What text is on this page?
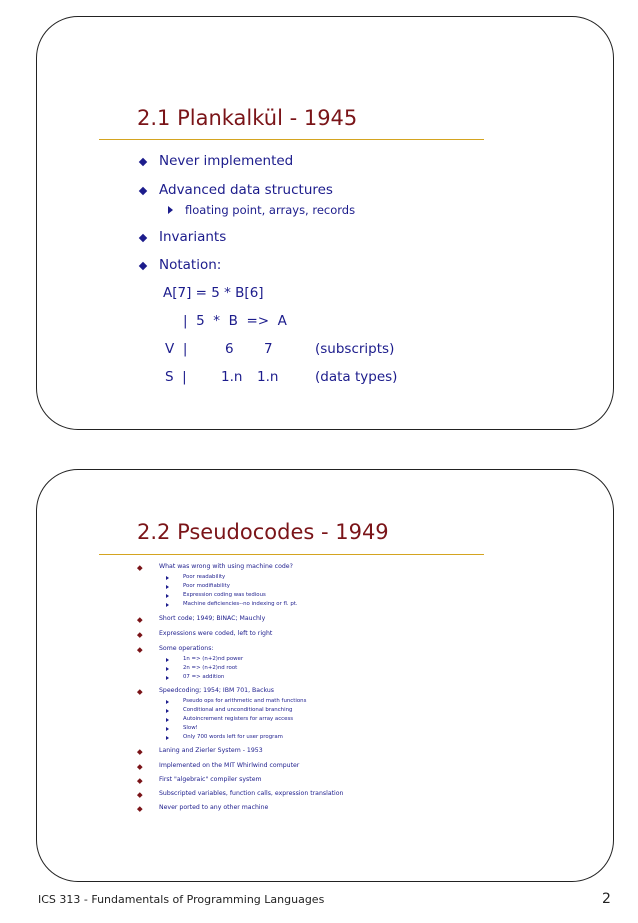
2.1 Plankalkül - 1945
Never implemented
Advanced data structures
floating point, arrays, records
Invariants
Notation:
A[7] = 5 * B[6]
|  5  *  B  =>  A
V  |	6 7	(subscripts)
S  |	1.n 1.n	(data types)
2.2 Pseudocodes - 1949
What was wrong with using machine code?
Poor readability
Poor modifiability
Expression coding was tedious
Machine deficiencies--no indexing or fl. pt.
Short code; 1949; BINAC; Mauchly
Expressions were coded, left to right
Some operations:
1n => (n+2)nd power
2n => (n+2)nd root
07 => addition
Speedcoding; 1954; IBM 701, Backus
Pseudo ops for arithmetic and math functions
Conditional and unconditional branching
Autoincrement registers for array access
Slow!
Only 700 words left for user program
Laning and Zierler System - 1953
Implemented on the MIT Whirlwind computer
First "algebraic" compiler system
Subscripted variables, function calls, expression translation
Never ported to any other machine
ICS 313 - Fundamentals of Programming Languages	2
